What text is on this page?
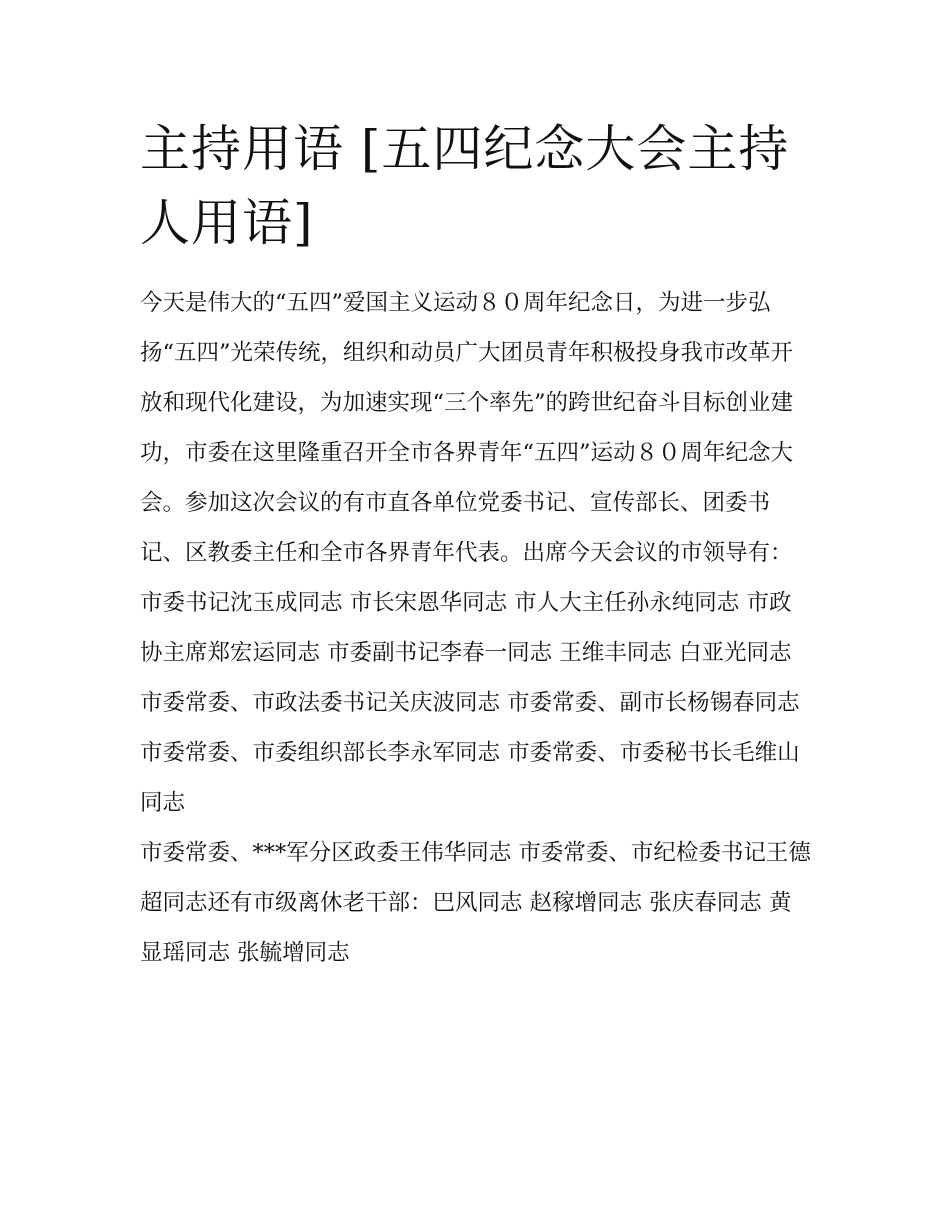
主持用语 [五四纪念大会主持人用语]

今天是伟大的“五四”爱国主义运动８０周年纪念日，为进一步弘扬“五四”光荣传统，组织和动员广大团员青年积极投身我市改革开放和现代化建设，为加速实现“三个率先”的跨世纪奋斗目标创业建功，市委在这里隆重召开全市各界青年“五四”运动８０周年纪念大会。参加这次会议的有市直各单位党委书记、宣传部长、团委书记、区教委主任和全市各界青年代表。出席今天会议的市领导有：

市委书记沈玉成同志 市长宋恩华同志 市人大主任孙永纯同志 市政协主席郑宏运同志 市委副书记李春一同志 王维丰同志 白亚光同志

市委常委、市政法委书记关庆波同志 市委常委、副市长杨锡春同志 市委常委、市委组织部长李永军同志 市委常委、市委秘书长毛维山同志

市委常委、***军分区政委王伟华同志 市委常委、市纪检委书记王德超同志还有市级离休老干部：巴风同志 赵稼增同志 张庆春同志 黄显瑶同志 张毓增同志
